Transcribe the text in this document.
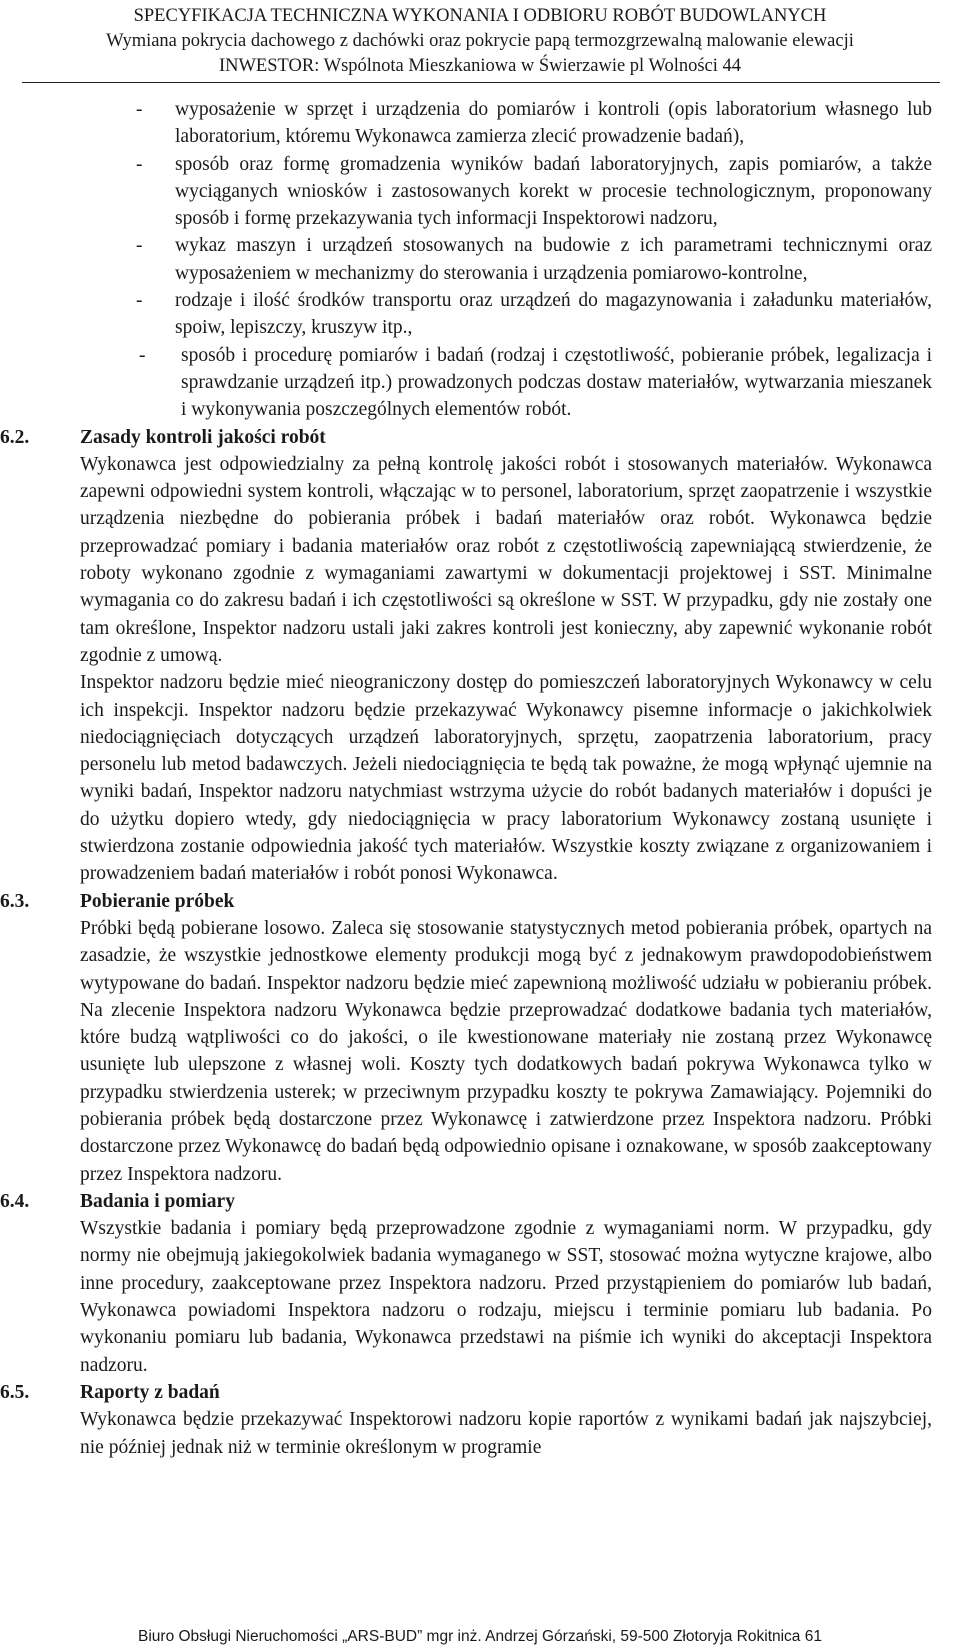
SPECYFIKACJA TECHNICZNA WYKONANIA I ODBIORU ROBÓT BUDOWLANYCH
Wymiana pokrycia dachowego z dachówki oraz pokrycie papą termozgrzewalną malowanie elewacji
INWESTOR: Wspólnota Mieszkaniowa w Świerzawie pl Wolności 44
- wyposażenie w sprzęt i urządzenia do pomiarów i kontroli (opis laboratorium własnego lub laboratorium, któremu Wykonawca zamierza zlecić prowadzenie badań),
- sposób oraz formę gromadzenia wyników badań laboratoryjnych, zapis pomiarów, a także wyciąganych wniosków i zastosowanych korekt w procesie technologicznym, proponowany sposób i formę przekazywania tych informacji Inspektorowi nadzoru,
- wykaz maszyn i urządzeń stosowanych na budowie z ich parametrami technicznymi oraz wyposażeniem w mechanizmy do sterowania i urządzenia pomiarowo-kontrolne,
- rodzaje i ilość środków transportu oraz urządzeń do magazynowania i załadunku materiałów, spoiw, lepiszczy, kruszyw itp.,
- sposób i procedurę pomiarów i badań (rodzaj i częstotliwość, pobieranie próbek, legalizacja i sprawdzanie urządzeń itp.) prowadzonych podczas dostaw materiałów, wytwarzania mieszanek i wykonywania poszczególnych elementów robót.
6.2.	Zasady kontroli jakości robót

Wykonawca jest odpowiedzialny za pełną kontrolę jakości robót i stosowanych materiałów. Wykonawca zapewni odpowiedni system kontroli, włączając w to personel, laboratorium, sprzęt zaopatrzenie i wszystkie urządzenia niezbędne do pobierania próbek i badań materiałów oraz robót. Wykonawca będzie przeprowadzać pomiary i badania materiałów oraz robót z częstotliwością zapewniającą stwierdzenie, że roboty wykonano zgodnie z wymaganiami zawartymi w dokumentacji projektowej i SST. Minimalne wymagania co do zakresu badań i ich częstotliwości są określone w SST. W przypadku, gdy nie zostały one tam określone, Inspektor nadzoru ustali jaki zakres kontroli jest konieczny, aby zapewnić wykonanie robót zgodnie z umową.

Inspektor nadzoru będzie mieć nieograniczony dostęp do pomieszczeń laboratoryjnych Wykonawcy w celu ich inspekcji. Inspektor nadzoru będzie przekazywać Wykonawcy pisemne informacje o jakichkolwiek niedociągnięciach dotyczących urządzeń laboratoryjnych, sprzętu, zaopatrzenia laboratorium, pracy personelu lub metod badawczych. Jeżeli niedociągnięcia te będą tak poważne, że mogą wpłynąć ujemnie na wyniki badań, Inspektor nadzoru natychmiast wstrzyma użycie do robót badanych materiałów i dopuści je do użytku dopiero wtedy, gdy niedociągnięcia w pracy laboratorium Wykonawcy zostaną usunięte i stwierdzona zostanie odpowiednia jakość tych materiałów. Wszystkie koszty związane z organizowaniem i prowadzeniem badań materiałów i robót ponosi Wykonawca.

6.3.	Pobieranie próbek

Próbki będą pobierane losowo. Zaleca się stosowanie statystycznych metod pobierania próbek, opartych na zasadzie, że wszystkie jednostkowe elementy produkcji mogą być z jednakowym prawdopodobieństwem wytypowane do badań. Inspektor nadzoru będzie mieć zapewnioną możliwość udziału w pobieraniu próbek. Na zlecenie Inspektora nadzoru Wykonawca będzie przeprowadzać dodatkowe badania tych materiałów, które budzą wątpliwości co do jakości, o ile kwestionowane materiały nie zostaną przez Wykonawcę usunięte lub ulepszone z własnej woli. Koszty tych dodatkowych badań pokrywa Wykonawca tylko w przypadku stwierdzenia usterek; w przeciwnym przypadku koszty te pokrywa Zamawiający. Pojemniki do pobierania próbek będą dostarczone przez Wykonawcę i zatwierdzone przez Inspektora nadzoru. Próbki dostarczone przez Wykonawcę do badań będą odpowiednio opisane i oznakowane, w sposób zaakceptowany przez Inspektora nadzoru.

6.4.	Badania i pomiary

Wszystkie badania i pomiary będą przeprowadzone zgodnie z wymaganiami norm. W przypadku, gdy normy nie obejmują jakiegokolwiek badania wymaganego w SST, stosować można wytyczne krajowe, albo inne procedury, zaakceptowane przez Inspektora nadzoru. Przed przystąpieniem do pomiarów lub badań, Wykonawca powiadomi Inspektora nadzoru o rodzaju, miejscu i terminie pomiaru lub badania. Po wykonaniu pomiaru lub badania, Wykonawca przedstawi na piśmie ich wyniki do akceptacji Inspektora nadzoru.

6.5.	Raporty z badań

Wykonawca będzie przekazywać Inspektorowi nadzoru kopie raportów z wynikami badań jak najszybciej, nie później jednak niż w terminie określonym w programie

Biuro Obsługi Nieruchomości „ARS-BUD” mgr inż. Andrzej Górzański, 59-500 Złotoryja Rokitnica 61
